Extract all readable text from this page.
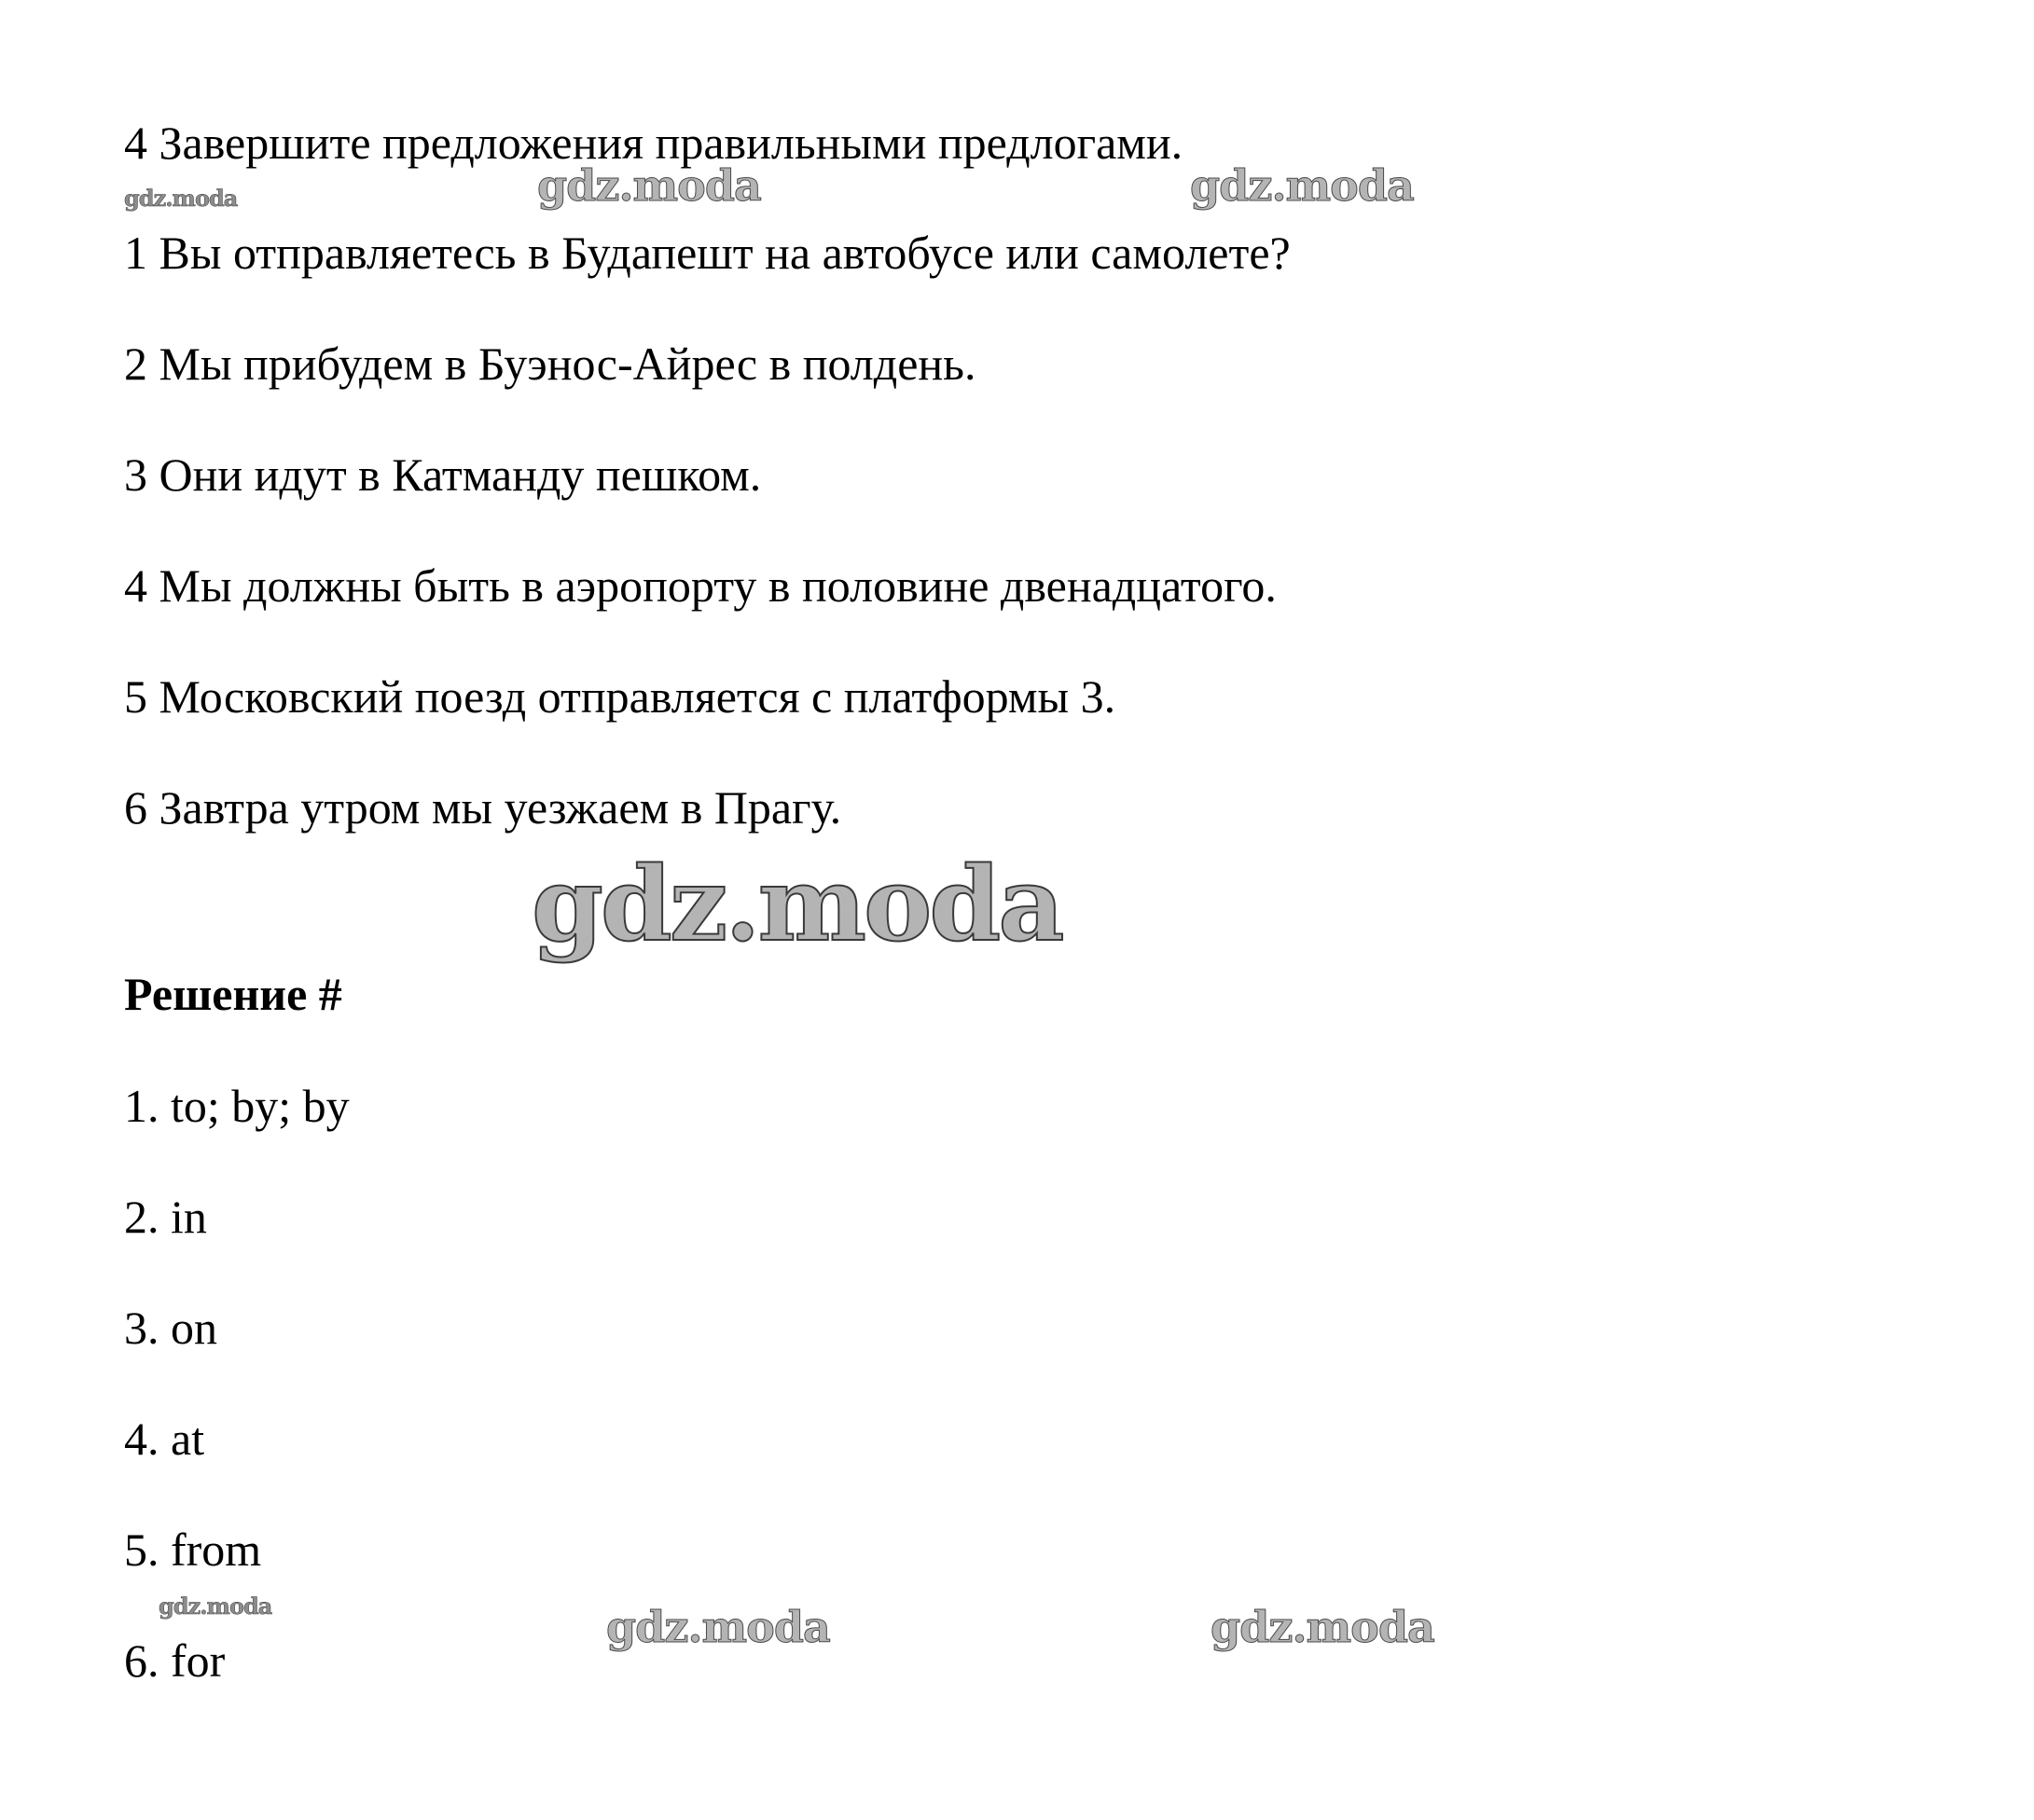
4 Завершите предложения правильными предлогами.
1 Вы отправляетесь в Будапешт на автобусе или самолете?
2 Мы прибудем в Буэнос-Айрес в полдень.
3 Они идут в Катманду пешком.
4 Мы должны быть в аэропорту в половине двенадцатого.
5 Московский поезд отправляется с платформы 3.
6 Завтра утром мы уезжаем в Прагу.
Решение #
1. to; by; by
2. in
3. on
4. at
5. from
6. for
gdz.moda	gdz.moda	gdz.moda
gdz.moda
gdz.moda	gdz.moda	gdz.moda
